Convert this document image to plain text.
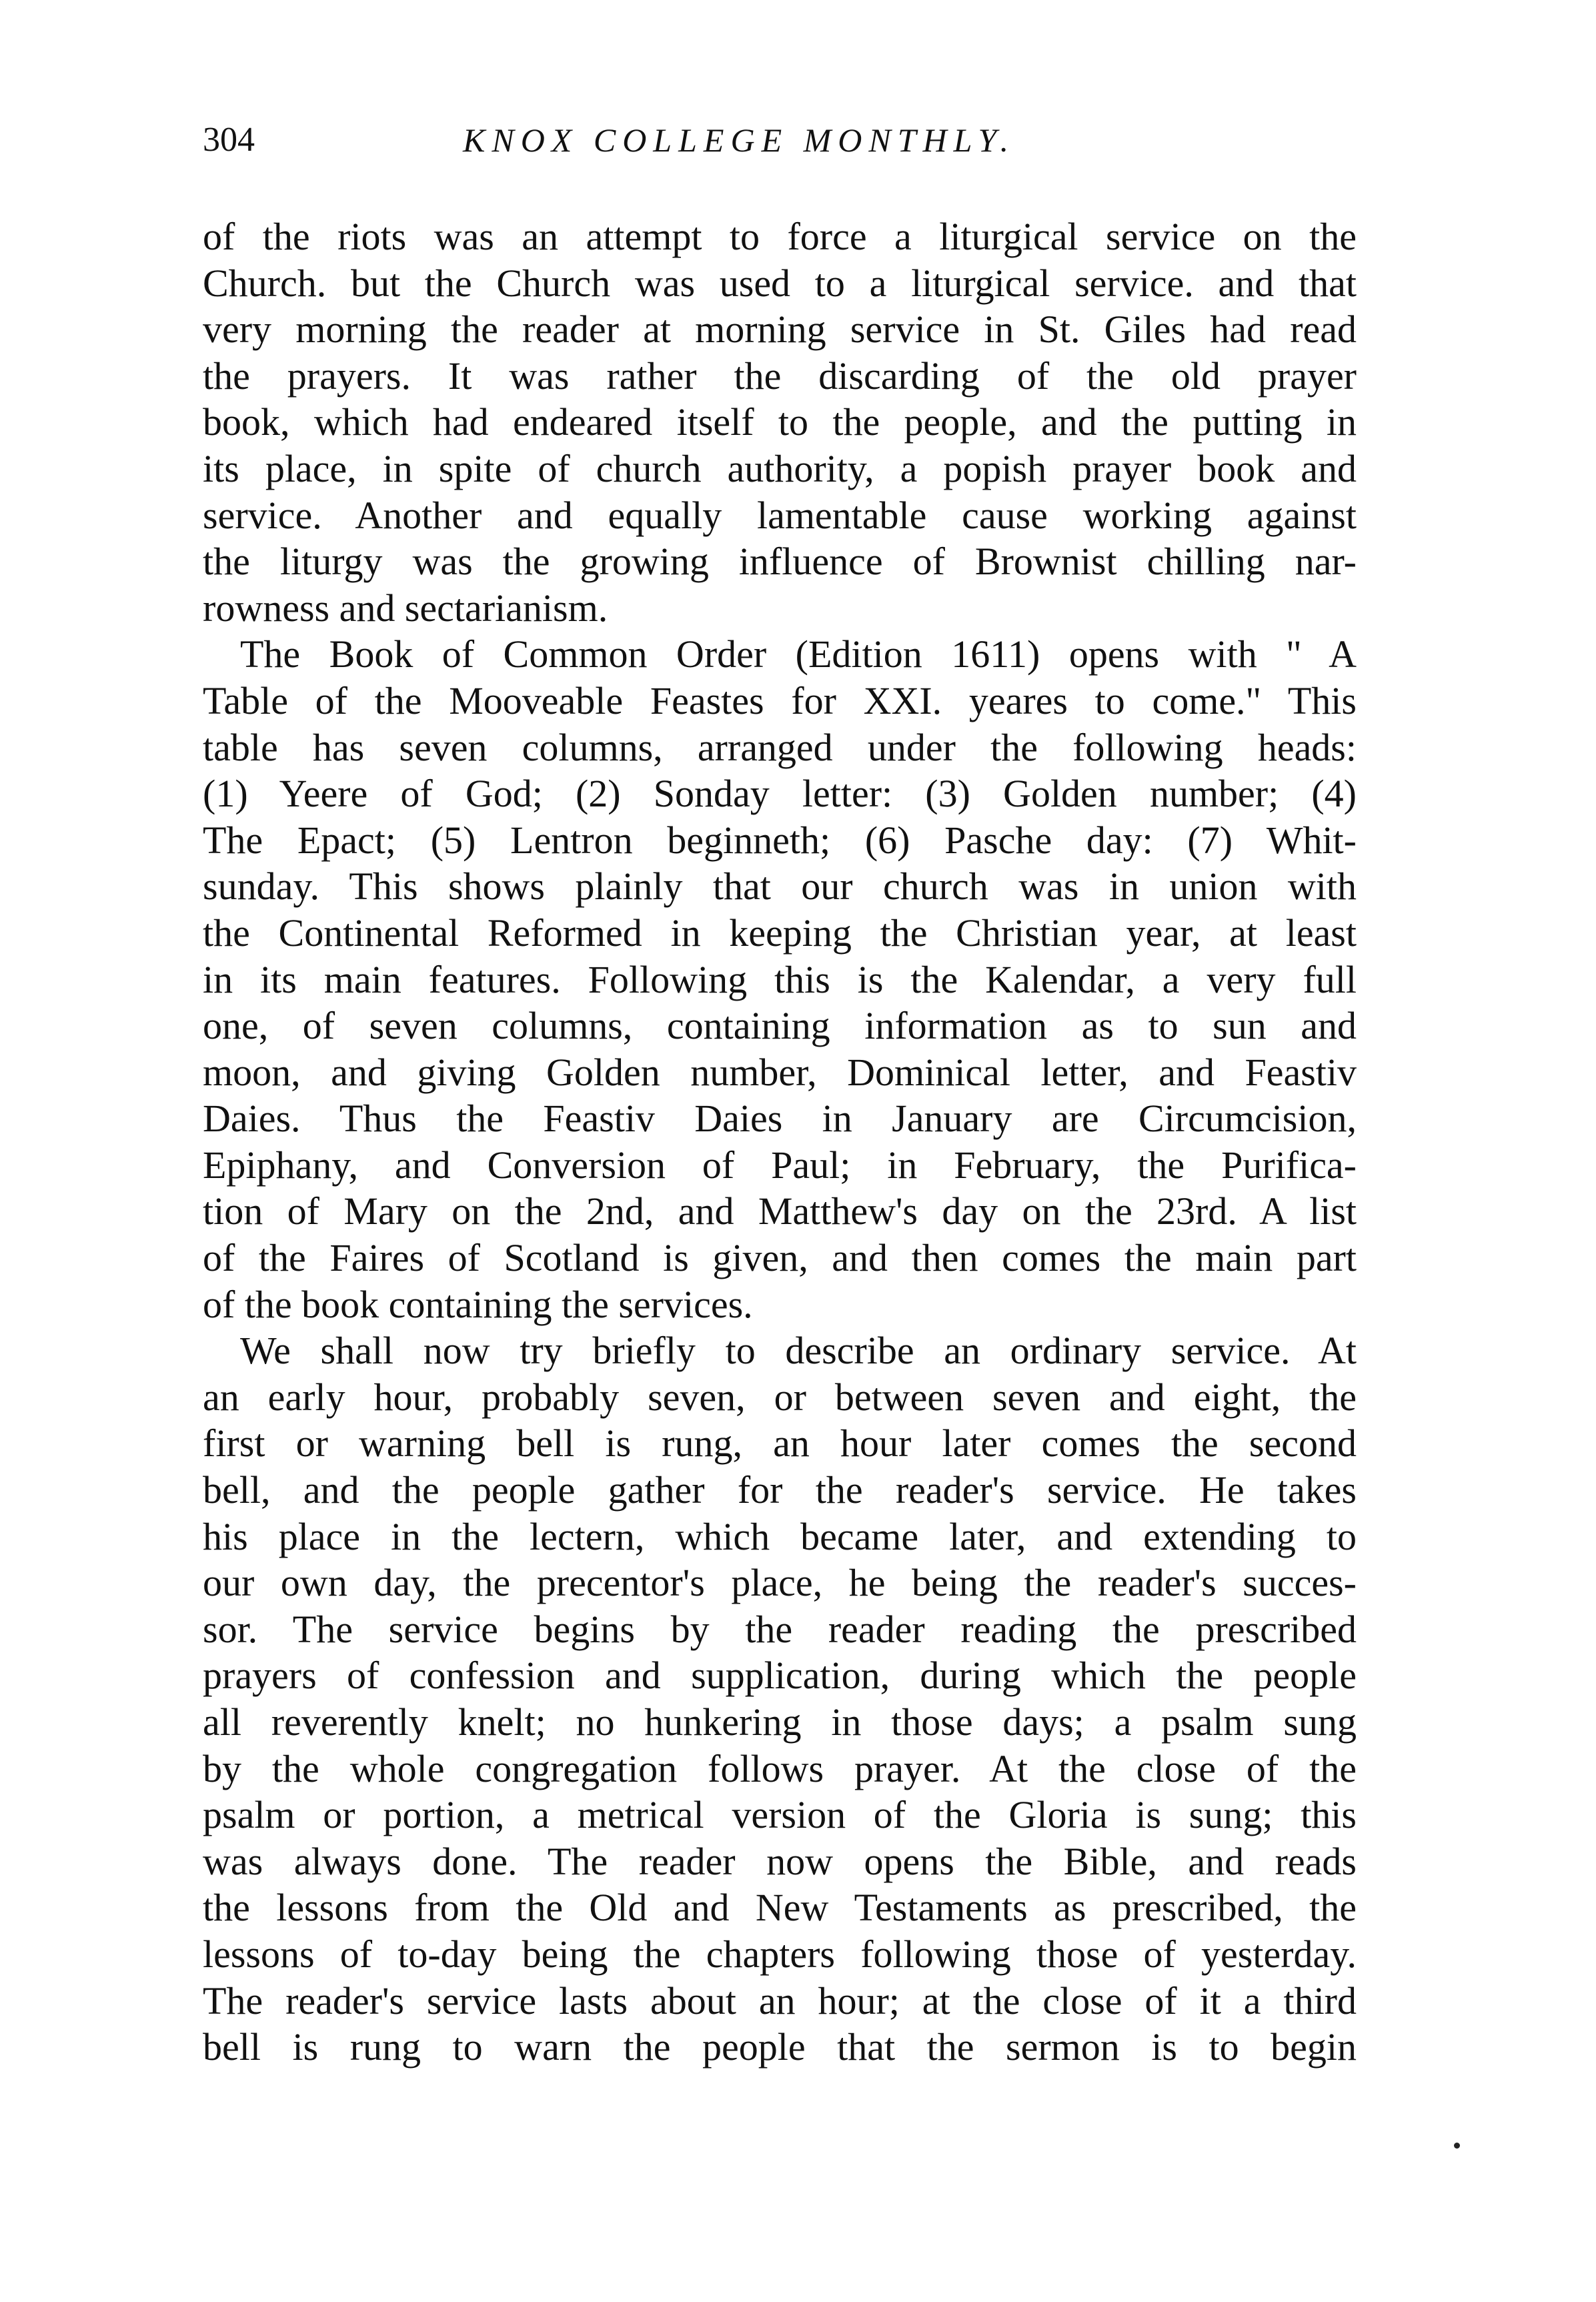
304	KNOX COLLEGE MONTHLY.
of the riots was an attempt to force a liturgical service on the
Church. but the Church was used to a liturgical service. and that
very morning the reader at morning service in St. Giles had read
the prayers. It was rather the discarding of the old prayer
book, which had endeared itself to the people, and the putting in
its place, in spite of church authority, a popish prayer book and
service. Another and equally lamentable cause working against
the liturgy was the growing influence of Brownist chilling nar-
rowness and sectarianism.
The Book of Common Order (Edition 1611) opens with " A
Table of the Mooveable Feastes for XXI. yeares to come." This
table has seven columns, arranged under the following heads:
(1) Yeere of God; (2) Sonday letter: (3) Golden number; (4)
The Epact; (5) Lentron beginneth; (6) Pasche day: (7) Whit-
sunday. This shows plainly that our church was in union with
the Continental Reformed in keeping the Christian year, at least
in its main features. Following this is the Kalendar, a very full
one, of seven columns, containing information as to sun and
moon, and giving Golden number, Dominical letter, and Feastiv
Daies. Thus the Feastiv Daies in January are Circumcision,
Epiphany, and Conversion of Paul; in February, the Purifica-
tion of Mary on the 2nd, and Matthew's day on the 23rd. A list
of the Faires of Scotland is given, and then comes the main part
of the book containing the services.
We shall now try briefly to describe an ordinary service. At
an early hour, probably seven, or between seven and eight, the
first or warning bell is rung, an hour later comes the second
bell, and the people gather for the reader's service. He takes
his place in the lectern, which became later, and extending to
our own day, the precentor's place, he being the reader's succes-
sor. The service begins by the reader reading the prescribed
prayers of confession and supplication, during which the people
all reverently knelt; no hunkering in those days; a psalm sung
by the whole congregation follows prayer. At the close of the
psalm or portion, a metrical version of the Gloria is sung; this
was always done. The reader now opens the Bible, and reads
the lessons from the Old and New Testaments as prescribed, the
lessons of to-day being the chapters following those of yesterday.
The reader's service lasts about an hour; at the close of it a third
bell is rung to warn the people that the sermon is to begin
